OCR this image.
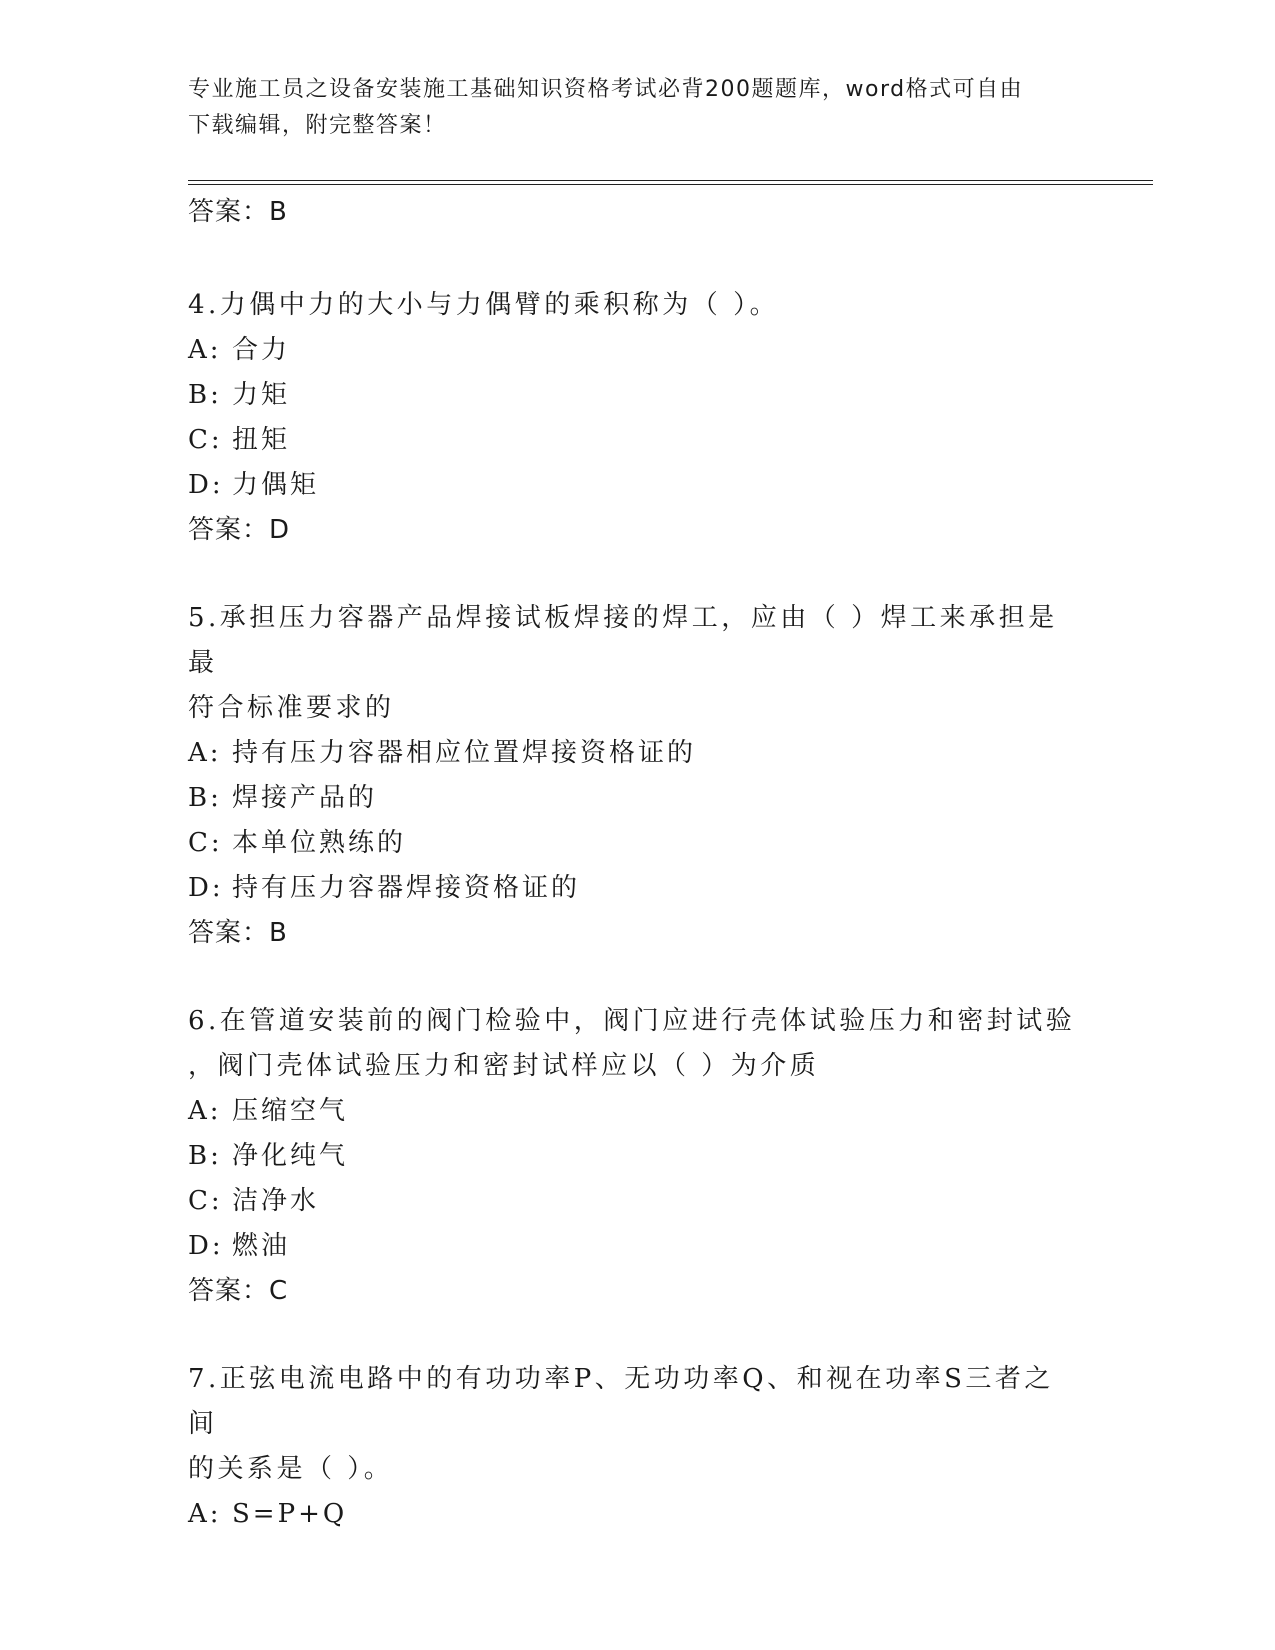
专业施工员之设备安装施工基础知识资格考试必背200题题库，word格式可自由
下载编辑，附完整答案！
答案：B
4.力偶中力的大小与力偶臂的乘积称为（ ）。
A: 合力
B: 力矩
C: 扭矩
D: 力偶矩
答案：D
5.承担压力容器产品焊接试板焊接的焊工，应由（ ）焊工来承担是最
符合标准要求的
A: 持有压力容器相应位置焊接资格证的
B: 焊接产品的
C: 本单位熟练的
D: 持有压力容器焊接资格证的
答案：B
6.在管道安装前的阀门检验中，阀门应进行壳体试验压力和密封试验
，阀门壳体试验压力和密封试样应以（ ）为介质
A: 压缩空气
B: 净化纯气
C: 洁净水
D: 燃油
答案：C
7.正弦电流电路中的有功功率P、无功功率Q、和视在功率S三者之间
的关系是（ ）。
A: S=P+Q
